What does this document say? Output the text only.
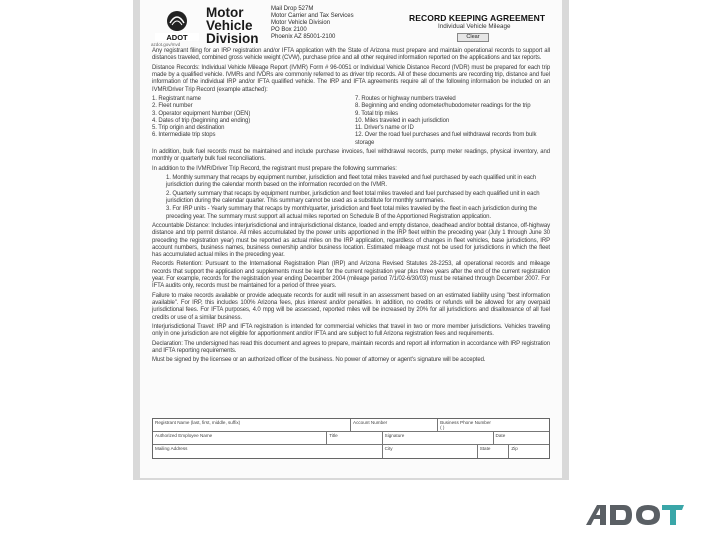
ADOT
Motor
Vehicle
Division
Mail Drop 527M
Motor Carrier and Tax Services
Motor Vehicle Division
PO Box 2100
Phoenix AZ 85001-2100
RECORD KEEPING AGREEMENT
Individual Vehicle Mileage
Clear
azdot.gov/mvd
Any registrant filing for an IRP registration and/or IFTA application with the State of Arizona must prepare and maintain operational records to support all distances traveled, combined gross vehicle weight (CVW), purchase price and all other required information reported on the applications and tax reports.
Distance Records: Individual Vehicle Mileage Report (IVMR) Form # 96-0051 or Individual Vehicle Distance Record (IVDR) must be prepared for each trip made by a qualified vehicle. IVMRs and IVDRs are commonly referred to as driver trip records. All of these documents are recording trip, distance and fuel information of the individual IRP and/or IFTA qualified vehicle. The IRP and IFTA agreements require all of the following information be included on an IVMR/Driver Trip Record (example attached):
1. Registrant name
2. Fleet number
3. Operator equipment Number (OEN)
4. Dates of trip (beginning and ending)
5. Trip origin and destination
6. Intermediate trip stops
7. Routes or highway numbers traveled
8. Beginning and ending odometer/hubodometer readings for the trip
9. Total trip miles
10. Miles traveled in each jurisdiction
11. Driver's name or ID
12. Over the road fuel purchases and fuel withdrawal records from bulk storage
In addition, bulk fuel records must be maintained and include purchase invoices, fuel withdrawal records, pump meter readings, physical inventory, and monthly or quarterly bulk fuel reconciliations.
In addition to the IVMR/Driver Trip Record, the registrant must prepare the following summaries:
1. Monthly summary that recaps by equipment number, jurisdiction and fleet total miles traveled and fuel purchased by each qualified unit in each jurisdiction during the calendar month based on the information recorded on the IVMR.
2. Quarterly summary that recaps by equipment number, jurisdiction and fleet total miles traveled and fuel purchased by each qualified unit in each jurisdiction during the calendar quarter. This summary cannot be used as a substitute for monthly summaries.
3. For IRP units - Yearly summary that recaps by month/quarter, jurisdiction and fleet total miles traveled by the fleet in each jurisdiction during the preceding year. The summary must support all actual miles reported on Schedule B of the Apportioned Registration application.
Accountable Distance: Includes interjurisdictional and intrajurisdictional distance, loaded and empty distance, deadhead and/or bobtail distance, off-highway distance and trip permit distance. All miles accumulated by the power units apportioned in the IRP fleet within the preceding year (July 1 through June 30 preceding the registration year) must be reported as actual miles on the IRP application, regardless of changes in fleet vehicles, base jurisdictions, IRP account numbers, business names, business ownership and/or business location. Estimated mileage must not be used for jurisdictions in which the fleet has accumulated actual miles in the preceding year.
Records Retention: Pursuant to the International Registration Plan (IRP) and Arizona Revised Statutes 28-2253, all operational records and mileage records that support the application and supplements must be kept for the current registration year plus three years after the end of the current registration year. For example, records for the registration year ending December 2004 (mileage period 7/1/02-6/30/03) must be retained through December 2007. For IFTA audits only, records must be maintained for a period of three years.
Failure to make records available or provide adequate records for audit will result in an assessment based on an estimated liability using "best information available". For IRP, this includes 100% Arizona fees, plus interest and/or penalties. In addition, no credits or refunds will be allowed for any overpaid jurisdictional fees. For IFTA purposes, 4.0 mpg will be assessed, reported miles will be increased by 20% for all jurisdictions and disallowance of all fuel credits or use of a similar business.
Interjurisdictional Travel: IRP and IFTA registration is intended for commercial vehicles that travel in two or more member jurisdictions. Vehicles traveling only in one jurisdiction are not eligible for apportionment and/or IFTA and are subject to full Arizona registration fees and requirements.
Declaration: The undersigned has read this document and agrees to prepare, maintain records and report all information in accordance with IRP registration and IFTA reporting requirements.
Must be signed by the licensee or an authorized officer of the business. No power of attorney or agent's signature will be accepted.
Registrant Name (last, first, middle, suffix)	Account Number	Business Phone Number
( )
Authorized Employee Name	Title	Signature	Date
Mailing Address	City	State	Zip
